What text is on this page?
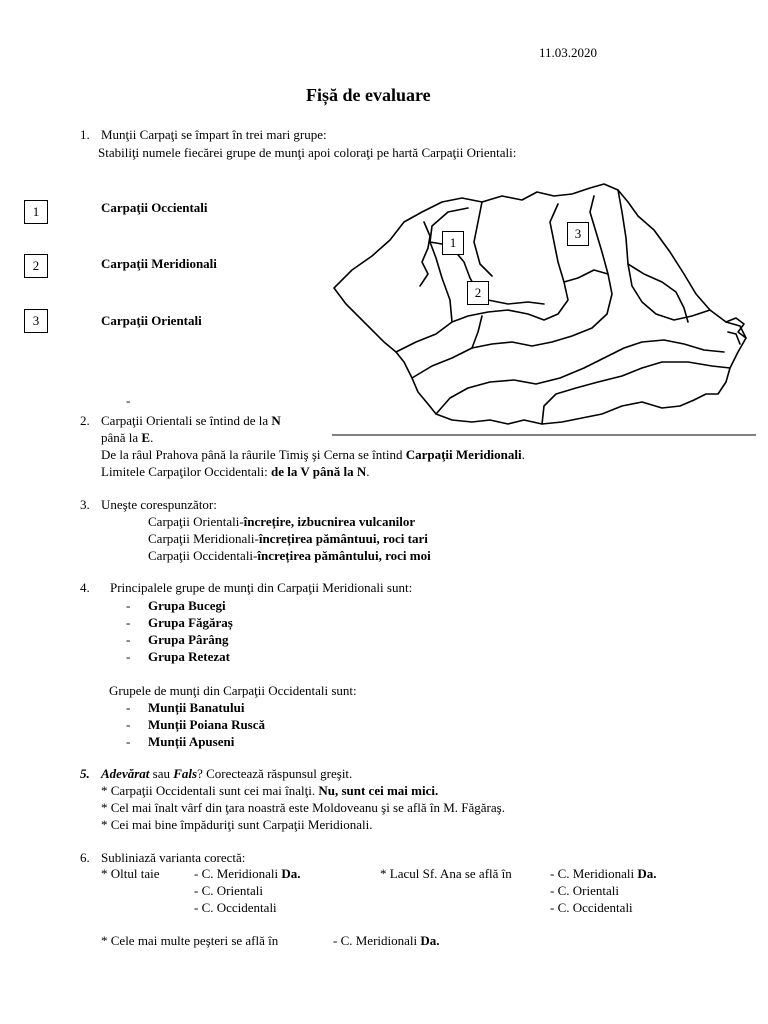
11.03.2020
Fișă de evaluare
1. Munţii Carpaţi se împart în trei mari grupe:
Stabiliţi numele fiecărei grupe de munţi apoi coloraţi pe hartă Carpaţii Orientali:
1	Carpaţii Occientali
2	Carpaţii Meridionali
3	Carpaţii Orientali
-
1
2
3
2. Carpaţii Orientali se întind de la N
până la E.
De la râul Prahova până la râurile Timiş şi Cerna se întind Carpaţii Meridionali.
Limitele Carpaţilor Occidentali: de la V până la N.
3. Uneşte corespunzător:
Carpaţii Orientali-încrețire, izbucnirea vulcanilor
Carpaţii Meridionali-încrețirea pământuui, roci tari
Carpaţii Occidentali-încrețirea pământului, roci moi
4. Principalele grupe de munţi din Carpaţii Meridionali sunt:
- Grupa Bucegi
- Grupa Făgăraș
- Grupa Pârâng
- Grupa Retezat
Grupele de munţi din Carpaţii Occidentali sunt:
- Munții Banatului
- Munții Poiana Ruscă
- Munții Apuseni
5. Adevărat sau Fals? Corectează răspunsul greşit.
* Carpaţii Occidentali sunt cei mai înalţi. Nu, sunt cei mai mici.
* Cel mai înalt vârf din ţara noastră este Moldoveanu şi se află în M. Făgăraş.
* Cei mai bine împăduriţi sunt Carpaţii Meridionali.
6. Subliniază varianta corectă:
* Oltul taie	- C. Meridionali Da.
- C. Orientali
- C. Occidentali
* Lacul Sf. Ana se află în	- C. Meridionali Da.
- C. Orientali
- C. Occidentali
* Cele mai multe peşteri se află în	- C. Meridionali Da.
